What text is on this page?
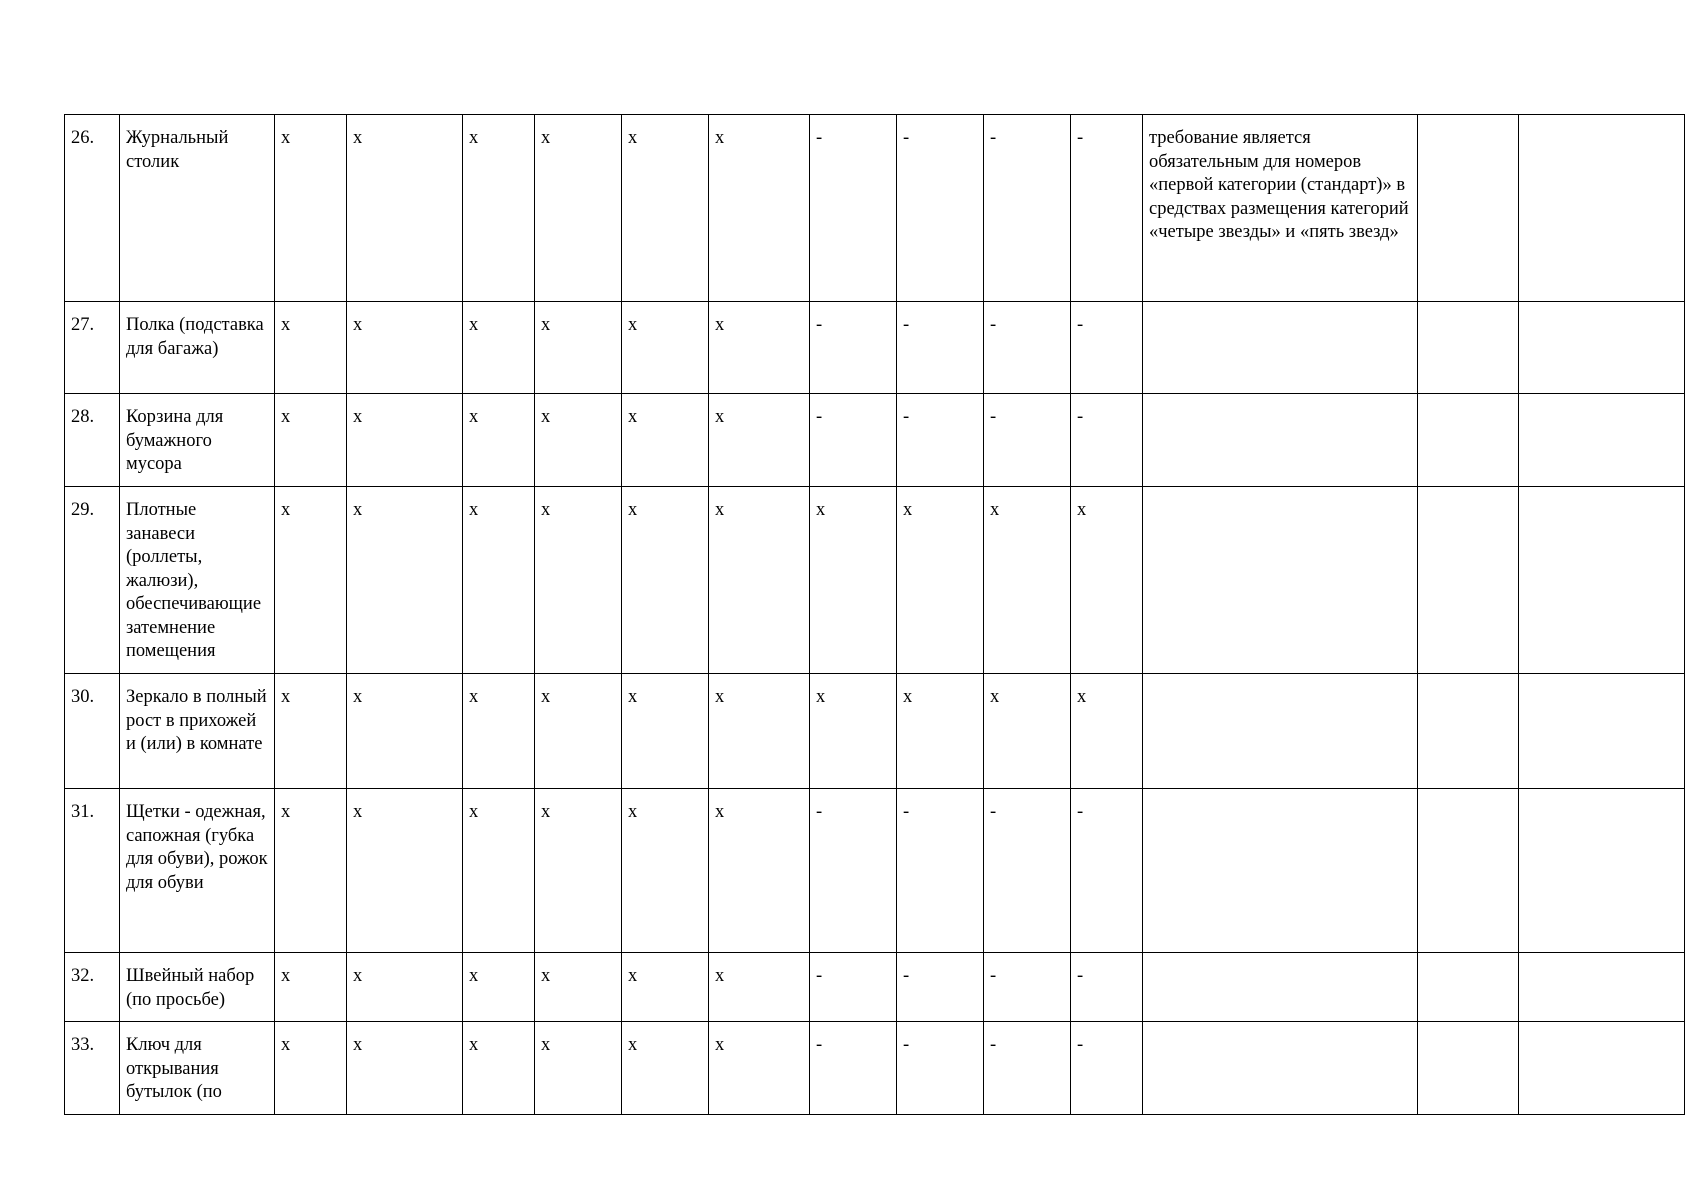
26.	Журнальный столик	x	x	x	x	x	x	-	-	-	-	требование является обязательным для номеров «первой категории (стандарт)» в средствах размещения категорий «четыре звезды» и «пять звезд»		
27.	Полка (подставка для багажа)	x	x	x	x	x	x	-	-	-	-			
28.	Корзина для бумажного мусора	x	x	x	x	x	x	-	-	-	-			
29.	Плотные занавеси (роллеты, жалюзи), обеспечивающие затемнение помещения	x	x	x	x	x	x	x	x	x	x			
30.	Зеркало в полный рост в прихожей и (или) в комнате	x	x	x	x	x	x	x	x	x	x			
31.	Щетки - одежная, сапожная (губка для обуви), рожок для обуви	x	x	x	x	x	x	-	-	-	-			
32.	Швейный набор (по просьбе)	x	x	x	x	x	x	-	-	-	-			
33.	Ключ для открывания бутылок (по	x	x	x	x	x	x	-	-	-	-			
